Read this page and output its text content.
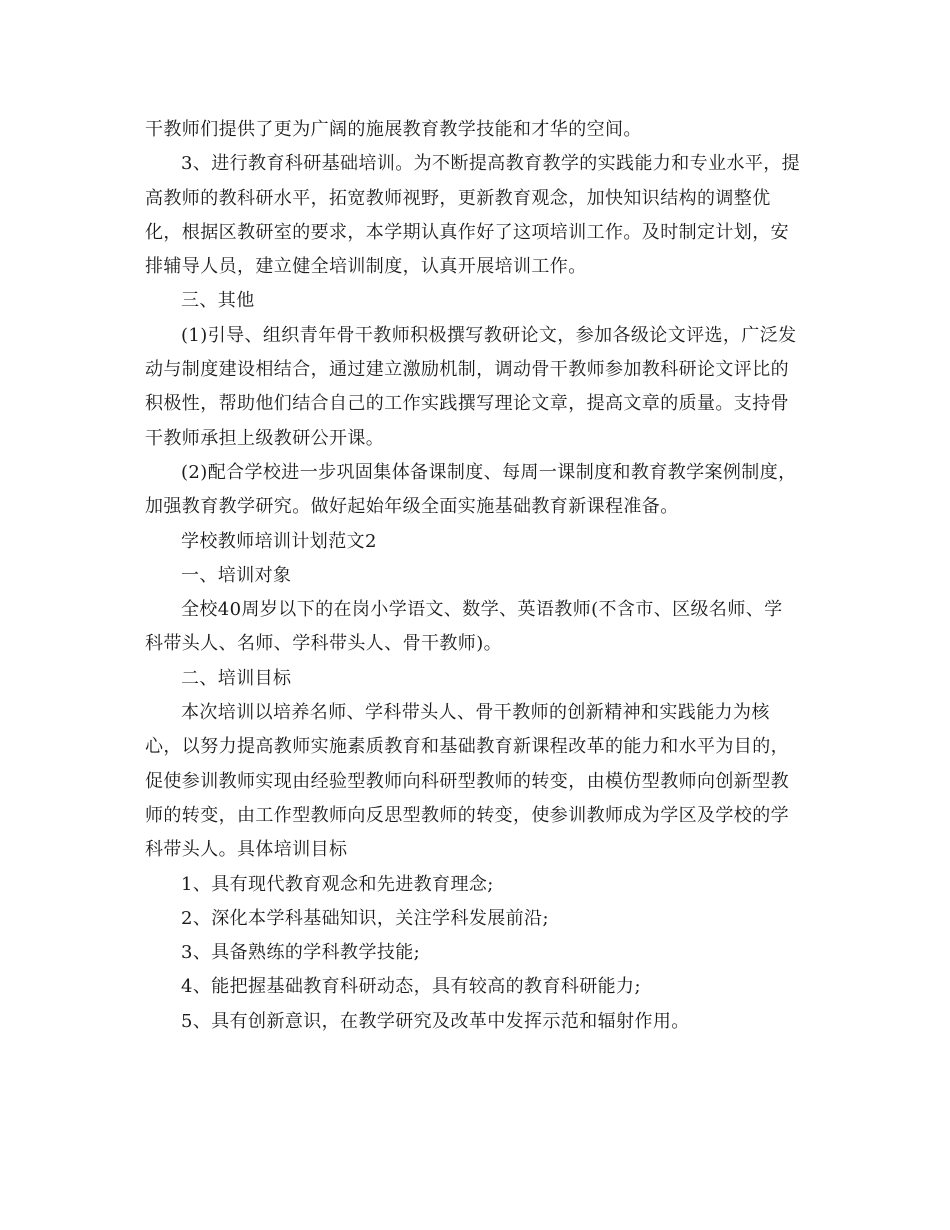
干教师们提供了更为广阔的施展教育教学技能和才华的空间。
3、进行教育科研基础培训。为不断提高教育教学的实践能力和专业水平，提
高教师的教科研水平，拓宽教师视野，更新教育观念，加快知识结构的调整优
化，根据区教研室的要求，本学期认真作好了这项培训工作。及时制定计划，安
排辅导人员，建立健全培训制度，认真开展培训工作。
三、其他
(1)引导、组织青年骨干教师积极撰写教研论文，参加各级论文评选，广泛发
动与制度建设相结合，通过建立激励机制，调动骨干教师参加教科研论文评比的
积极性，帮助他们结合自己的工作实践撰写理论文章，提高文章的质量。支持骨
干教师承担上级教研公开课。
(2)配合学校进一步巩固集体备课制度、每周一课制度和教育教学案例制度，
加强教育教学研究。做好起始年级全面实施基础教育新课程准备。
学校教师培训计划范文2
一、培训对象
全校40周岁以下的在岗小学语文、数学、英语教师(不含市、区级名师、学
科带头人、名师、学科带头人、骨干教师)。
二、培训目标
本次培训以培养名师、学科带头人、骨干教师的创新精神和实践能力为核
心，以努力提高教师实施素质教育和基础教育新课程改革的能力和水平为目的，
促使参训教师实现由经验型教师向科研型教师的转变，由模仿型教师向创新型教
师的转变，由工作型教师向反思型教师的转变，使参训教师成为学区及学校的学
科带头人。具体培训目标
1、具有现代教育观念和先进教育理念;
2、深化本学科基础知识，关注学科发展前沿;
3、具备熟练的学科教学技能;
4、能把握基础教育科研动态，具有较高的教育科研能力;
5、具有创新意识，在教学研究及改革中发挥示范和辐射作用。
